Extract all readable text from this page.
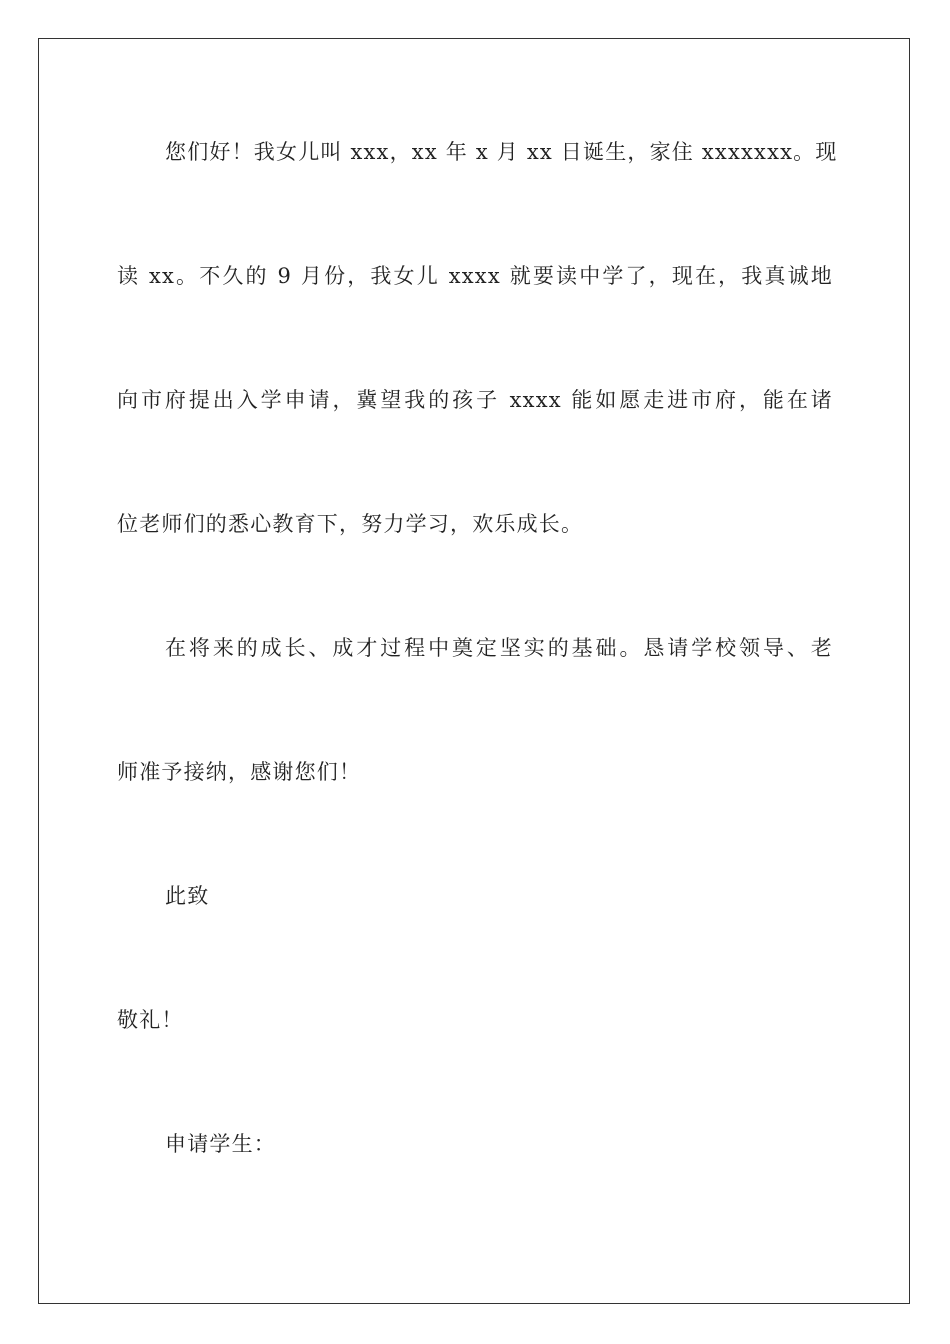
您们好！我女儿叫 xxx，xx 年 x 月 xx 日诞生，家住 xxxxxxx。现
读 xx。不久的 9 月份，我女儿 xxxx 就要读中学了，现在，我真诚地
向市府提出入学申请，冀望我的孩子 xxxx 能如愿走进市府，能在诸
位老师们的悉心教育下，努力学习，欢乐成长。
在将来的成长、成才过程中奠定坚实的基础。恳请学校领导、老
师准予接纳，感谢您们！
此致
敬礼！
申请学生：
